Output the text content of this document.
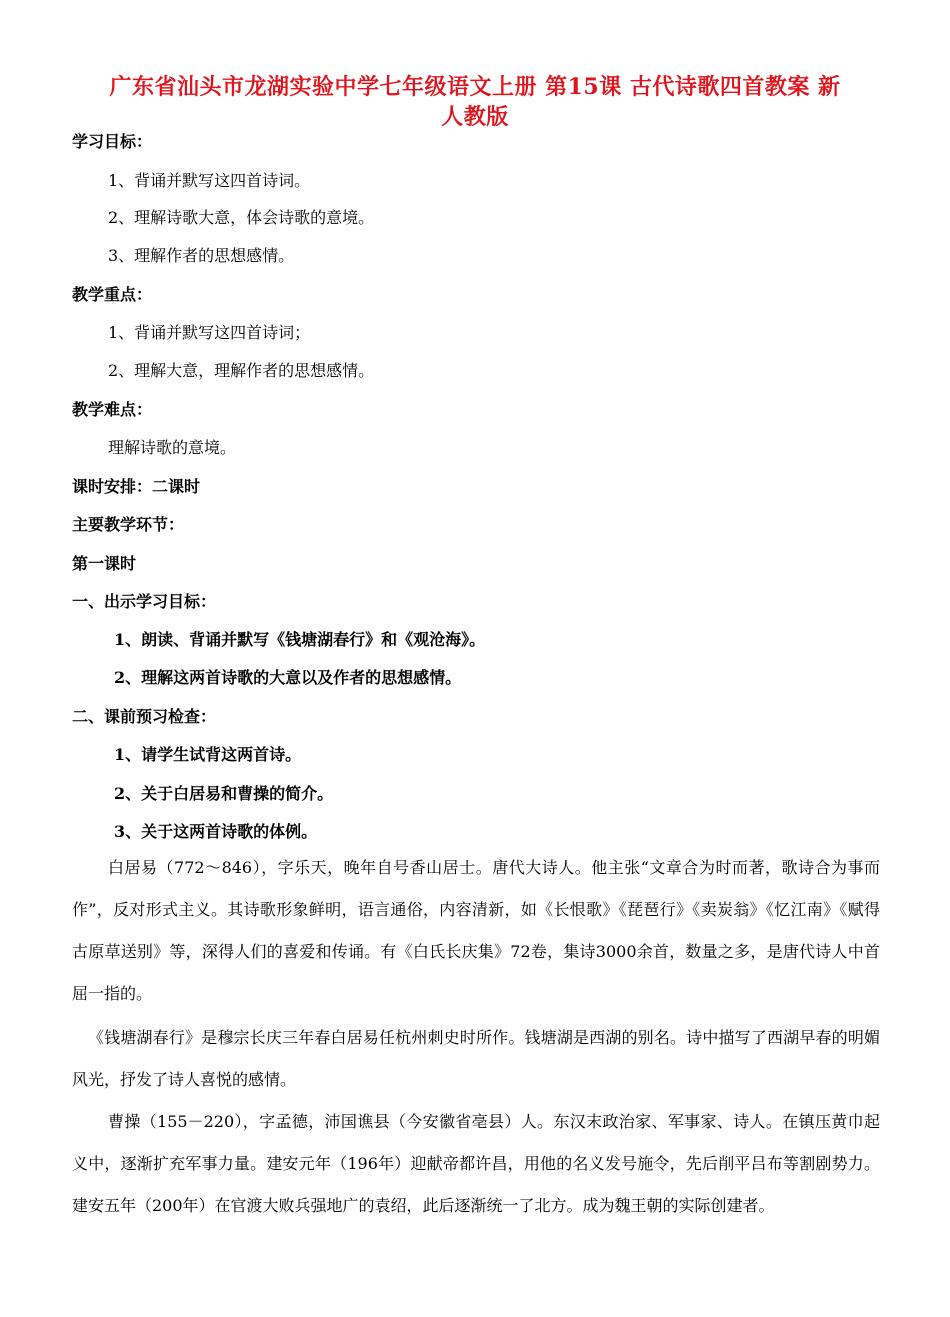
广东省汕头市龙湖实验中学七年级语文上册 第15课 古代诗歌四首教案 新
人教版
学习目标：
1、背诵并默写这四首诗词。
2、理解诗歌大意，体会诗歌的意境。
3、理解作者的思想感情。
教学重点：
1、背诵并默写这四首诗词；
2、理解大意，理解作者的思想感情。
教学难点：
理解诗歌的意境。
课时安排：二课时
主要教学环节：
第一课时
一、出示学习目标：
1、朗读、背诵并默写《钱塘湖春行》和《观沧海》。
2、理解这两首诗歌的大意以及作者的思想感情。
二、课前预习检查：
1、请学生试背这两首诗。
2、关于白居易和曹操的简介。
3、关于这两首诗歌的体例。
白居易（772～846），字乐天，晚年自号香山居士。唐代大诗人。他主张“文章合为时而著，歌诗合为事而作”，反对形式主义。其诗歌形象鲜明，语言通俗，内容清新，如《长恨歌》《琵琶行》《卖炭翁》《忆江南》《赋得古原草送别》等，深得人们的喜爱和传诵。有《白氏长庆集》72卷，集诗3000余首，数量之多，是唐代诗人中首屈一指的。
《钱塘湖春行》是穆宗长庆三年春白居易任杭州刺史时所作。钱塘湖是西湖的别名。诗中描写了西湖早春的明媚风光，抒发了诗人喜悦的感情。
曹操（155－220），字孟德，沛国谯县（今安徽省亳县）人。东汉末政治家、军事家、诗人。在镇压黄巾起义中，逐渐扩充军事力量。建安元年（196年）迎献帝都许昌，用他的名义发号施令，先后削平吕布等割剧势力。建安五年（200年）在官渡大败兵强地广的袁绍，此后逐渐统一了北方。成为魏王朝的实际创建者。
